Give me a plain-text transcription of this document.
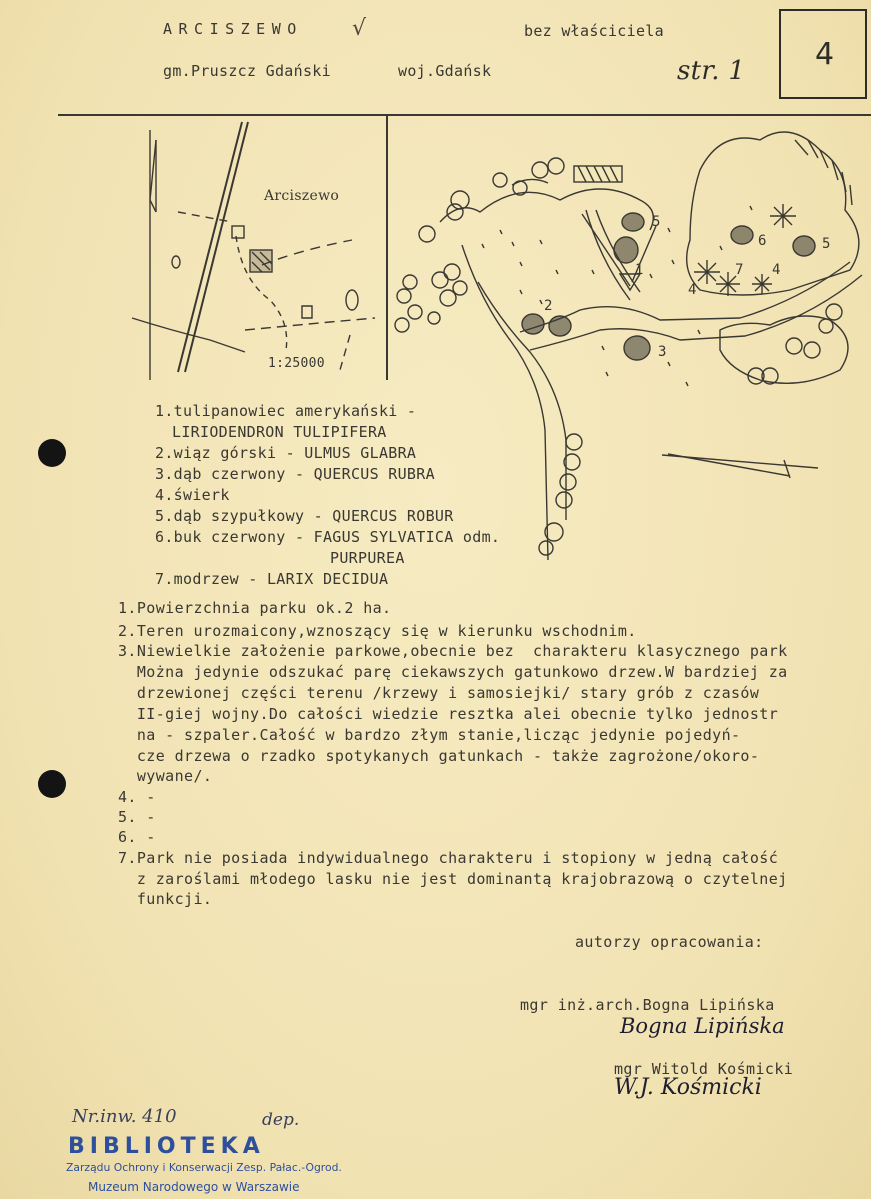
ARCISZEWO √	bez właściciela
gm.Pruszcz Gdański	woj.Gdańsk	str. 1 4
Arciszewo
1:25000
5
1
2
6	5
7 4
4
3
1.tulipanowiec amerykański -
LIRIODENDRON TULIPIFERA
2.wiąz górski - ULMUS GLABRA
3.dąb czerwony - QUERCUS RUBRA
4.świerk
5.dąb szypułkowy - QUERCUS ROBUR
6.buk czerwony - FAGUS SYLVATICA odm.
PURPUREA
7.modrzew - LARIX DECIDUA
1.Powierzchnia parku ok.2 ha.
2.Teren urozmaicony,wznoszący się w kierunku wschodnim.
3.Niewielkie założenie parkowe,obecnie bez  charakteru klasycznego park
Można jedynie odszukać parę ciekawszych gatunkowo drzew.W bardziej za
drzewionej części terenu /krzewy i samosiejki/ stary grób z czasów
II-giej wojny.Do całości wiedzie resztka alei obecnie tylko jednostr
na - szpaler.Całość w bardzo złym stanie,licząc jedynie pojedyń-
cze drzewa o rzadko spotykanych gatunkach - także zagrożone/okoro-
wywane/.
4. -
5. -
6. -
7.Park nie posiada indywidualnego charakteru i stopiony w jedną całość
z zaroślami młodego lasku nie jest dominantą krajobrazową o czytelnej
funkcji.
autorzy opracowania:
mgr inż.arch.Bogna Lipińska
Bogna Lipińska
mgr Witold Kośmicki
W.J. Kośmicki
Nr.inw. 410	dep.
BIBLIOTEKA
Zarządu Ochrony i Konserwacji Zesp. Pałac.-Ogrod.
Muzeum Narodowego w Warszawie
